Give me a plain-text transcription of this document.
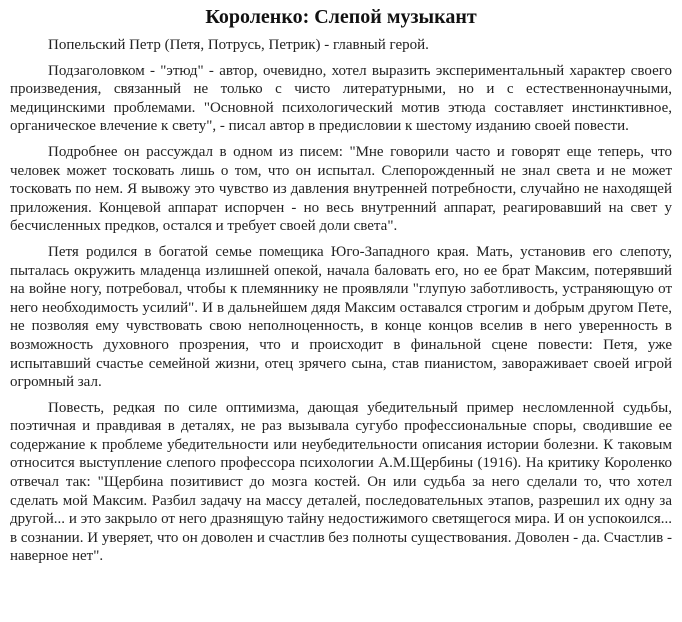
Короленко: Слепой музыкант

Попельский Петр (Петя, Потрусь, Петрик) - главный герой.

Подзаголовком - "этюд" - автор, очевидно, хотел выразить экспериментальный характер своего произведения, связанный не только с чисто литературными, но и с естественнонаучными, медицинскими проблемами. "Основной психологический мотив этюда составляет инстинктивное, органическое влечение к свету", - писал автор в предисловии к шестому изданию своей повести.

Подробнее он рассуждал в одном из писем: "Мне говорили часто и говорят еще теперь, что человек может тосковать лишь о том, что он испытал. Слепорожденный не знал света и не может тосковать по нем. Я вывожу это чувство из давления внутренней потребности, случайно не находящей приложения. Концевой аппарат испорчен - но весь внутренний аппарат, реагировавший на свет у бесчисленных предков, остался и требует своей доли света".

Петя родился в богатой семье помещика Юго-Западного края. Мать, установив его слепоту, пыталась окружить младенца излишней опекой, начала баловать его, но ее брат Максим, потерявший на войне ногу, потребовал, чтобы к племяннику не проявляли "глупую заботливость, устраняющую от него необходимость усилий". И в дальнейшем дядя Максим оставался строгим и добрым другом Пете, не позволяя ему чувствовать свою неполноценность, в конце концов вселив в него уверенность в возможность духовного прозрения, что и происходит в финальной сцене повести: Петя, уже испытавший счастье семейной жизни, отец зрячего сына, став пианистом, завораживает своей игрой огромный зал.

Повесть, редкая по силе оптимизма, дающая убедительный пример несломленной судьбы, поэтичная и правдивая в деталях, не раз вызывала сугубо профессиональные споры, сводившие ее содержание к проблеме убедительности или неубедительности описания истории болезни. К таковым относится выступление слепого профессора психологии А.М.Щербины (1916). На критику Короленко отвечал так: "Щербина позитивист до мозга костей. Он или судьба за него сделали то, что хотел сделать мой Максим. Разбил задачу на массу деталей, последовательных этапов, разрешил их одну за другой... и это закрыло от него дразнящую тайну недостижимого светящегося мира. И он успокоился... в сознании. И уверяет, что он доволен и счастлив без полноты существования. Доволен - да. Счастлив - наверное нет".
